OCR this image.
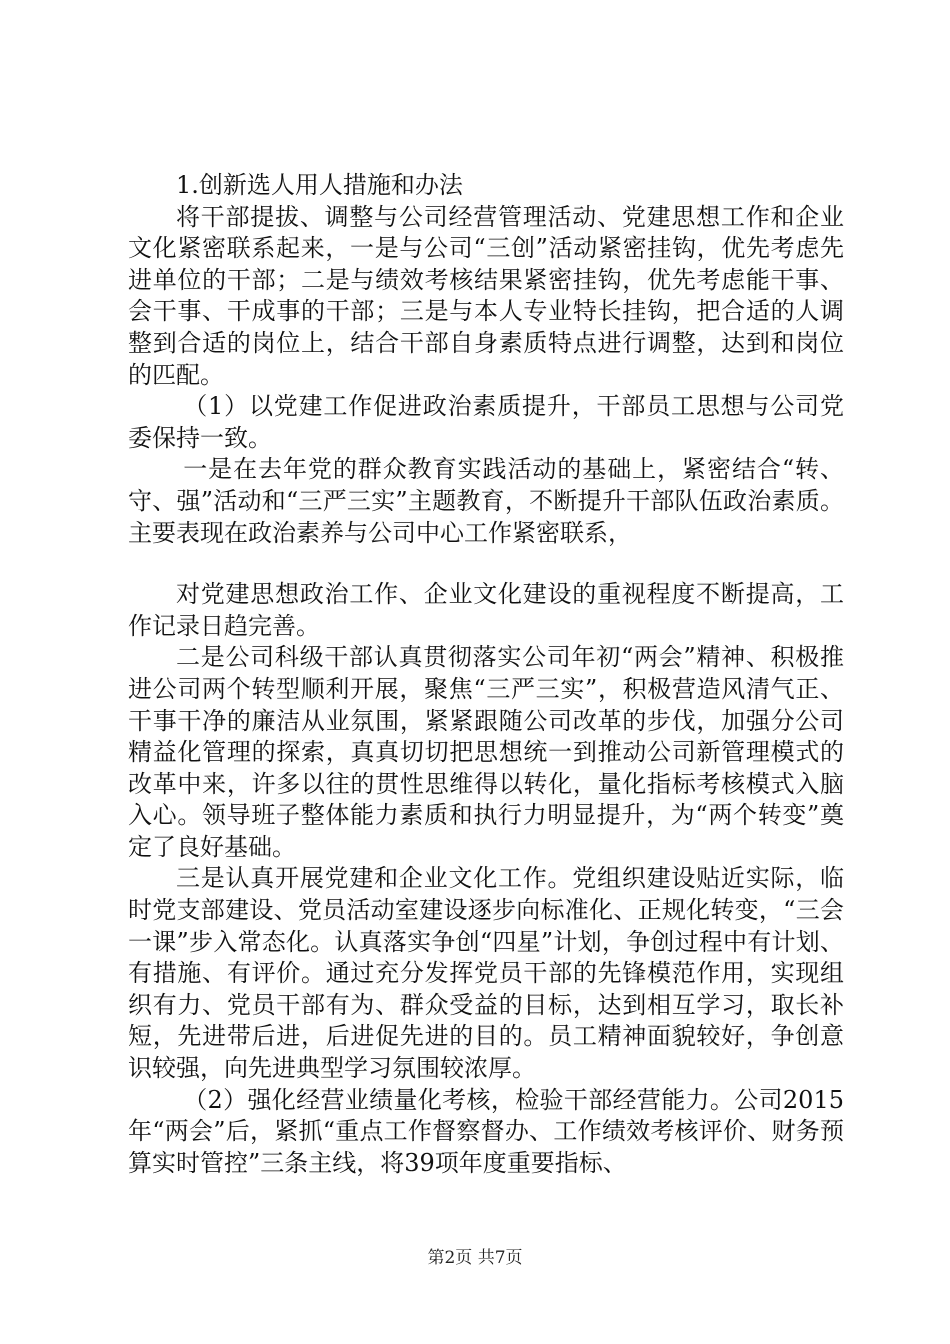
1.创新选人用人措施和办法

将干部提拔、调整与公司经营管理活动、党建思想工作和企业文化紧密联系起来，一是与公司“三创”活动紧密挂钩，优先考虑先进单位的干部；二是与绩效考核结果紧密挂钩，优先考虑能干事、会干事、干成事的干部；三是与本人专业特长挂钩，把合适的人调整到合适的岗位上，结合干部自身素质特点进行调整，达到和岗位的匹配。

（1）以党建工作促进政治素质提升，干部员工思想与公司党委保持一致。

一是在去年党的群众教育实践活动的基础上，紧密结合“转、守、强”活动和“三严三实”主题教育，不断提升干部队伍政治素质。主要表现在政治素养与公司中心工作紧密联系，

对党建思想政治工作、企业文化建设的重视程度不断提高，工作记录日趋完善。

二是公司科级干部认真贯彻落实公司年初“两会”精神、积极推进公司两个转型顺利开展，聚焦“三严三实”，积极营造风清气正、干事干净的廉洁从业氛围，紧紧跟随公司改革的步伐，加强分公司精益化管理的探索，真真切切把思想统一到推动公司新管理模式的改革中来，许多以往的贯性思维得以转化，量化指标考核模式入脑入心。领导班子整体能力素质和执行力明显提升，为“两个转变”奠定了良好基础。

三是认真开展党建和企业文化工作。党组织建设贴近实际，临时党支部建设、党员活动室建设逐步向标准化、正规化转变，“三会一课”步入常态化。认真落实争创“四星”计划，争创过程中有计划、有措施、有评价。通过充分发挥党员干部的先锋模范作用，实现组织有力、党员干部有为、群众受益的目标，达到相互学习，取长补短，先进带后进，后进促先进的目的。员工精神面貌较好，争创意识较强，向先进典型学习氛围较浓厚。

（2）强化经营业绩量化考核，检验干部经营能力。公司2015年“两会”后，紧抓“重点工作督察督办、工作绩效考核评价、财务预算实时管控”三条主线，将39项年度重要指标、

第2页 共7页
